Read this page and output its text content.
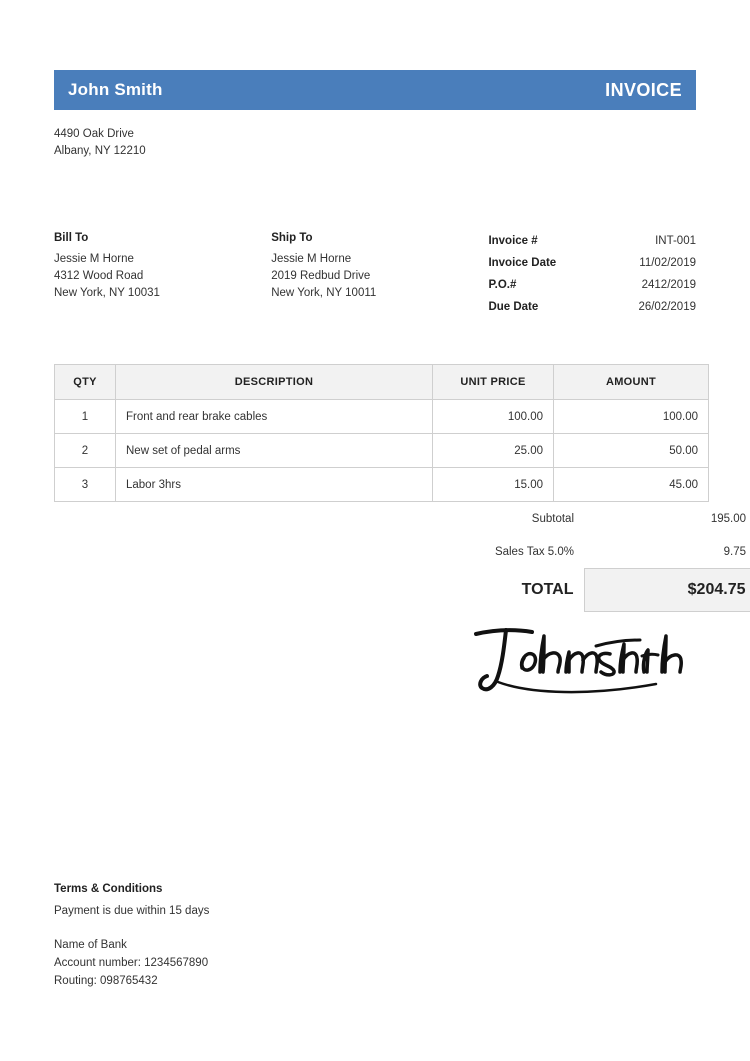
John Smith	INVOICE
4490 Oak Drive
Albany, NY 12210
Bill To
Jessie M Horne
4312 Wood Road
New York, NY 10031
Ship To
Jessie M Horne
2019 Redbud Drive
New York, NY 10011
Invoice #	INT-001
Invoice Date	11/02/2019
P.O.#	2412/2019
Due Date	26/02/2019
QTY	DESCRIPTION	UNIT PRICE	AMOUNT
1	Front and rear brake cables	100.00	100.00
2	New set of pedal arms	25.00	50.00
3	Labor 3hrs	15.00	45.00
	Subtotal	195.00
	Sales Tax 5.0%	9.75
	TOTAL	$204.75
Terms & Conditions
Payment is due within 15 days
Name of Bank
Account number: 1234567890
Routing: 098765432
